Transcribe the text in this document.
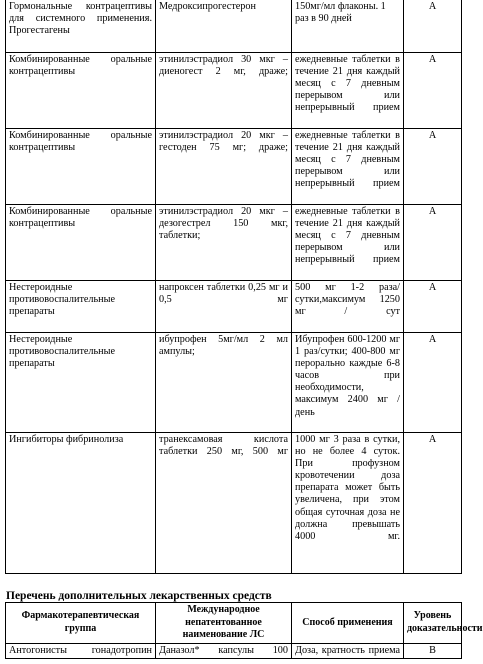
Гормональные контрацептивы для системного применения. Прогестагены	Медроксипрогестерон	150мг/мл флаконы. 1 раз в 90 дней	А
Комбинированные оральные контрацептивы	этинилэстрадиол 30 мкг – диеногест 2 мг, драже;	ежедневные таблетки в течение 21 дня каждый месяц с 7 дневным перерывом или непрерывный прием	А
Комбинированные оральные контрацептивы	этинилэстрадиол 20 мкг – гестоден 75 мг; драже;	ежедневные таблетки в течение 21 дня каждый месяц с 7 дневным перерывом или непрерывный прием	А
Комбинированные оральные контрацептивы	этинилэстрадиол 20 мкг – дезогестрел 150 мкг, таблетки;	ежедневные таблетки в течение 21 дня каждый месяц с 7 дневным перерывом или непрерывный прием	А
Нестероидные противовоспалительные препараты	напроксен таблетки 0,25 мг и 0,5 мг	500 мг 1-2 раза/сутки,максимум 1250 мг / сут	А
Нестероидные противовоспалительные препараты	ибупрофен 5мг/мл 2 мл ампулы;	Ибупрофен 600-1200 мг 1 раз/сутки; 400-800 мг перорально каждые 6-8 часов при необходимости, максимум 2400 мг / день	А
Ингибиторы фибринолиза	транексамовая кислота таблетки 250 мг, 500 мг	1000 мг 3 раза в сутки, но не более 4 суток. При профузном кровотечении доза препарата может быть увеличена, при этом общая суточная доза не должна превышать 4000 мг.	А
Перечень дополнительных лекарственных средств
Фармакотерапевтическая группа	Международное непатентованное наименование ЛС	Способ применения	Уровень доказательности
Антогонисты гонадотропин	Даназол* капсулы 100	Доза, кратность приема	В
